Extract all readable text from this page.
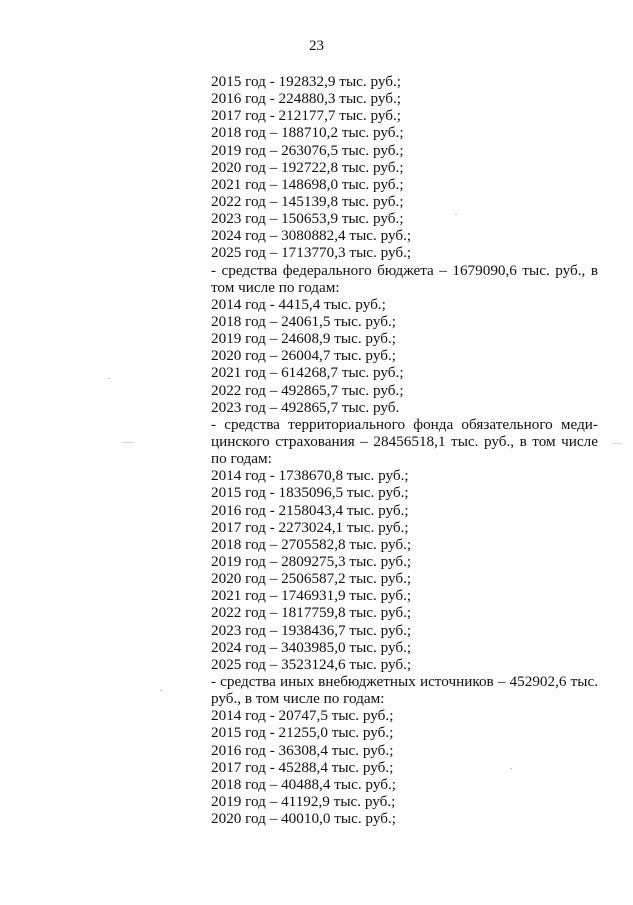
23
2015 год - 192832,9 тыс. руб.;
2016 год - 224880,3 тыс. руб.;
2017 год - 212177,7 тыс. руб.;
2018 год – 188710,2 тыс. руб.;
2019 год – 263076,5 тыс. руб.;
2020 год – 192722,8 тыс. руб.;
2021 год – 148698,0 тыс. руб.;
2022 год – 145139,8 тыс. руб.;
2023 год – 150653,9 тыс. руб.;
2024 год – 3080882,4 тыс. руб.;
2025 год – 1713770,3 тыс. руб.;
- средства федерального бюджета – 1679090,6 тыс. руб., в том числе по годам:
2014 год - 4415,4 тыс. руб.;
2018 год – 24061,5 тыс. руб.;
2019 год – 24608,9 тыс. руб.;
2020 год – 26004,7 тыс. руб.;
2021 год – 614268,7 тыс. руб.;
2022 год – 492865,7 тыс. руб.;
2023 год – 492865,7 тыс. руб.
- средства территориального фонда обязательного меди- цинского страхования – 28456518,1 тыс. руб., в том числе по годам:
2014 год - 1738670,8 тыс. руб.;
2015 год - 1835096,5 тыс. руб.;
2016 год - 2158043,4 тыс. руб.;
2017 год - 2273024,1 тыс. руб.;
2018 год – 2705582,8 тыс. руб.;
2019 год – 2809275,3 тыс. руб.;
2020 год – 2506587,2 тыс. руб.;
2021 год – 1746931,9 тыс. руб.;
2022 год – 1817759,8 тыс. руб.;
2023 год – 1938436,7 тыс. руб.;
2024 год – 3403985,0 тыс. руб.;
2025 год – 3523124,6 тыс. руб.;
- средства иных внебюджетных источников – 452902,6 тыс. руб., в том числе по годам:
2014 год - 20747,5 тыс. руб.;
2015 год - 21255,0 тыс. руб.;
2016 год - 36308,4 тыс. руб.;
2017 год - 45288,4 тыс. руб.;
2018 год – 40488,4 тыс. руб.;
2019 год – 41192,9 тыс. руб.;
2020 год – 40010,0 тыс. руб.;
